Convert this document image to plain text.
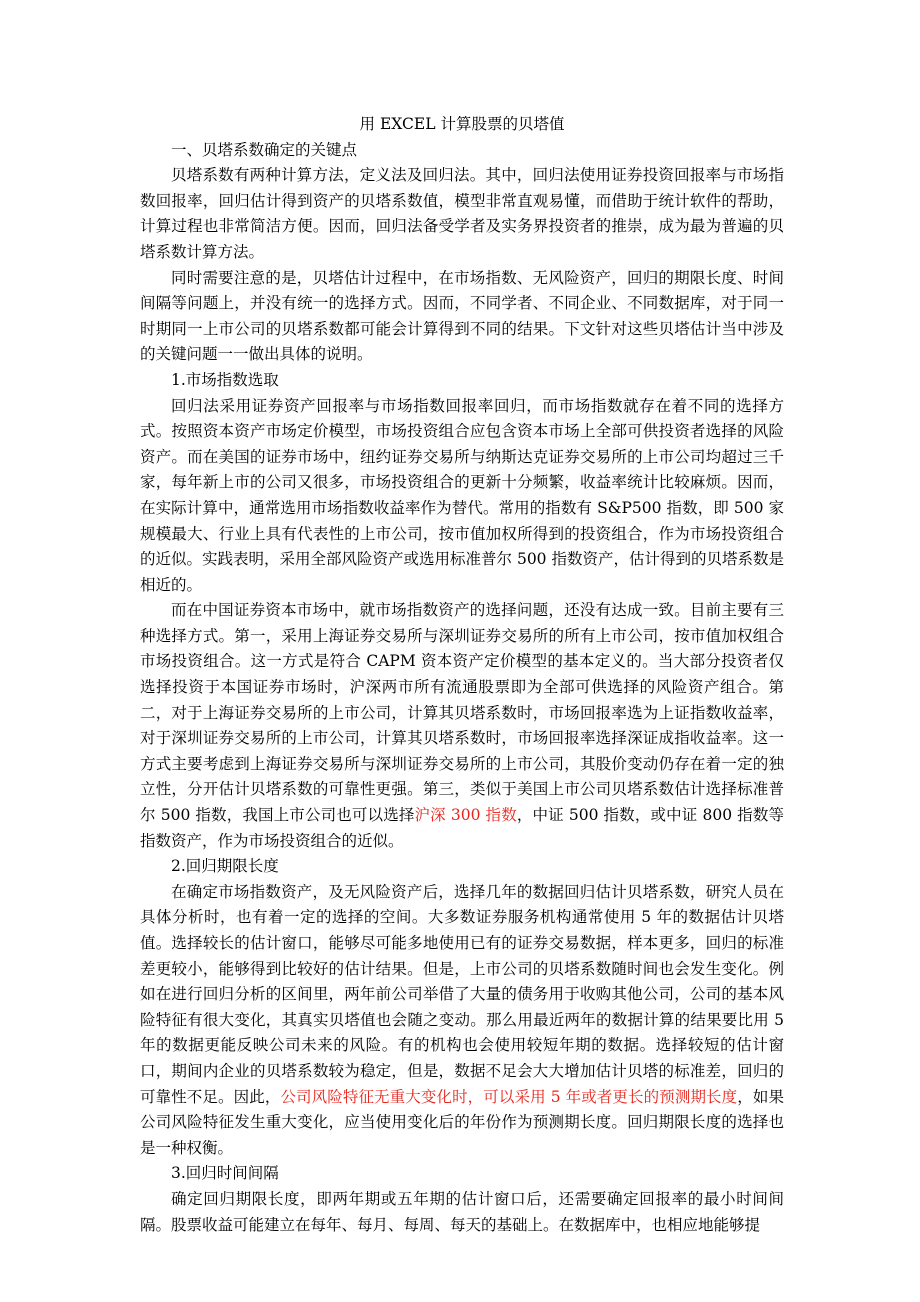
用 EXCEL 计算股票的贝塔值

一、贝塔系数确定的关键点

贝塔系数有两种计算方法，定义法及回归法。其中，回归法使用证券投资回报率与市场指数回报率，回归估计得到资产的贝塔系数值，模型非常直观易懂，而借助于统计软件的帮助，计算过程也非常简洁方便。因而，回归法备受学者及实务界投资者的推崇，成为最为普遍的贝塔系数计算方法。

同时需要注意的是，贝塔估计过程中，在市场指数、无风险资产，回归的期限长度、时间间隔等问题上，并没有统一的选择方式。因而，不同学者、不同企业、不同数据库，对于同一时期同一上市公司的贝塔系数都可能会计算得到不同的结果。下文针对这些贝塔估计当中涉及的关键问题一一做出具体的说明。

1.市场指数选取

回归法采用证券资产回报率与市场指数回报率回归，而市场指数就存在着不同的选择方式。按照资本资产市场定价模型，市场投资组合应包含资本市场上全部可供投资者选择的风险资产。而在美国的证券市场中，纽约证券交易所与纳斯达克证券交易所的上市公司均超过三千家，每年新上市的公司又很多，市场投资组合的更新十分频繁，收益率统计比较麻烦。因而，在实际计算中，通常选用市场指数收益率作为替代。常用的指数有 S&P500 指数，即 500 家规模最大、行业上具有代表性的上市公司，按市值加权所得到的投资组合，作为市场投资组合的近似。实践表明，采用全部风险资产或选用标准普尔 500 指数资产，估计得到的贝塔系数是相近的。

而在中国证券资本市场中，就市场指数资产的选择问题，还没有达成一致。目前主要有三种选择方式。第一，采用上海证券交易所与深圳证券交易所的所有上市公司，按市值加权组合市场投资组合。这一方式是符合 CAPM 资本资产定价模型的基本定义的。当大部分投资者仅选择投资于本国证券市场时，沪深两市所有流通股票即为全部可供选择的风险资产组合。第二，对于上海证券交易所的上市公司，计算其贝塔系数时，市场回报率选为上证指数收益率，对于深圳证券交易所的上市公司，计算其贝塔系数时，市场回报率选择深证成指收益率。这一方式主要考虑到上海证券交易所与深圳证券交易所的上市公司，其股价变动仍存在着一定的独立性，分开估计贝塔系数的可靠性更强。第三，类似于美国上市公司贝塔系数估计选择标准普尔 500 指数，我国上市公司也可以选择沪深 300 指数，中证 500 指数，或中证 800 指数等指数资产，作为市场投资组合的近似。

2.回归期限长度

在确定市场指数资产，及无风险资产后，选择几年的数据回归估计贝塔系数，研究人员在具体分析时，也有着一定的选择的空间。大多数证券服务机构通常使用 5 年的数据估计贝塔值。选择较长的估计窗口，能够尽可能多地使用已有的证券交易数据，样本更多，回归的标准差更较小，能够得到比较好的估计结果。但是，上市公司的贝塔系数随时间也会发生变化。例如在进行回归分析的区间里，两年前公司举借了大量的债务用于收购其他公司，公司的基本风险特征有很大变化，其真实贝塔值也会随之变动。那么用最近两年的数据计算的结果要比用 5 年的数据更能反映公司未来的风险。有的机构也会使用较短年期的数据。选择较短的估计窗口，期间内企业的贝塔系数较为稳定，但是，数据不足会大大增加估计贝塔的标准差，回归的可靠性不足。因此，公司风险特征无重大变化时，可以采用 5 年或者更长的预测期长度，如果公司风险特征发生重大变化，应当使用变化后的年份作为预测期长度。回归期限长度的选择也是一种权衡。

3.回归时间间隔

确定回归期限长度，即两年期或五年期的估计窗口后，还需要确定回报率的最小时间间隔。股票收益可能建立在每年、每月、每周、每天的基础上。在数据库中，也相应地能够提
